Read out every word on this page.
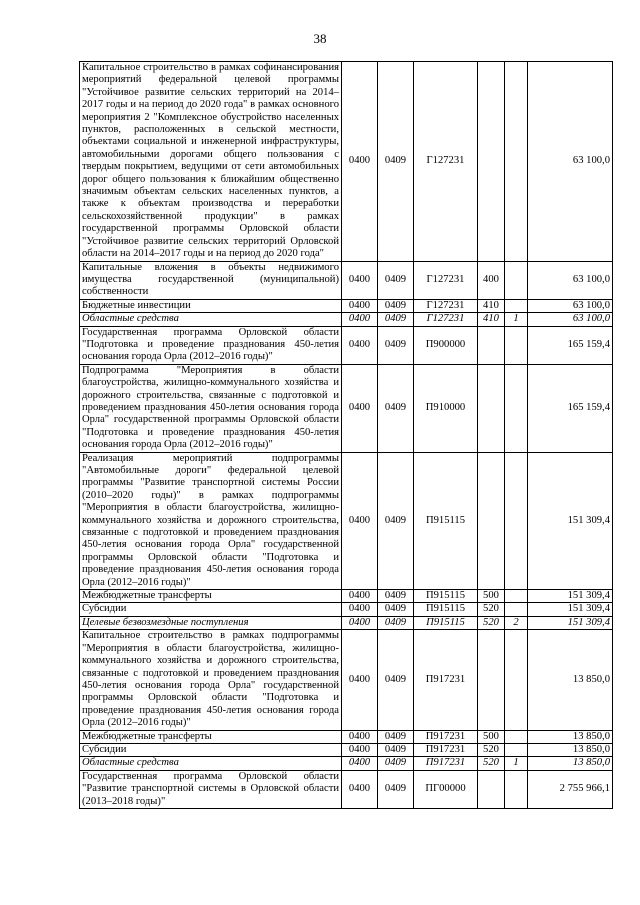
38
Капитальное строительство в рамках софинансирования мероприятий федеральной целевой программы "Устойчивое развитие сельских территорий на 2014–2017 годы и на период до 2020 года" в рамках основного мероприятия 2 "Комплексное обустройство населенных пунктов, расположенных в сельской местности, объектами социальной и инженерной инфраструктуры, автомобильными дорогами общего пользования с твердым покрытием, ведущими от сети автомобильных дорог общего пользования к ближайшим общественно значимым объектам сельских населенных пунктов, а также к объектам производства и переработки сельскохозяйственной продукции" в рамках государственной программы Орловской области "Устойчивое развитие сельских территорий Орловской области на 2014–2017 годы и на период до 2020 года"	0400	0409	Г127231			63 100,0
Капитальные вложения в объекты недвижимого имущества государственной (муниципальной) собственности	0400	0409	Г127231	400		63 100,0
Бюджетные инвестиции	0400	0409	Г127231	410		63 100,0
Областные средства	0400	0409	Г127231	410	1	63 100,0
Государственная программа Орловской области "Подготовка и проведение празднования 450-летия основания города Орла (2012–2016 годы)"	0400	0409	П900000			165 159,4
Подпрограмма "Мероприятия в области благоустройства, жилищно-коммунального хозяйства и дорожного строительства, связанные с подготовкой и проведением празднования 450-летия основания города Орла" государственной программы Орловской области "Подготовка и проведение празднования 450-летия основания города Орла (2012–2016 годы)"	0400	0409	П910000			165 159,4
Реализация мероприятий подпрограммы "Автомобильные дороги" федеральной целевой программы "Развитие транспортной системы России (2010–2020 годы)" в рамках подпрограммы "Мероприятия в области благоустройства, жилищно-коммунального хозяйства и дорожного строительства, связанные с подготовкой и проведением празднования 450-летия основания города Орла" государственной программы Орловской области "Подготовка и проведение празднования 450-летия основания города Орла (2012–2016 годы)"	0400	0409	П915115			151 309,4
Межбюджетные трансферты	0400	0409	П915115	500		151 309,4
Субсидии	0400	0409	П915115	520		151 309,4
Целевые безвозмездные поступления	0400	0409	П915115	520	2	151 309,4
Капитальное строительство в рамках подпрограммы "Мероприятия в области благоустройства, жилищно-коммунального хозяйства и дорожного строительства, связанные с подготовкой и проведением празднования 450-летия основания города Орла" государственной программы Орловской области "Подготовка и проведение празднования 450-летия основания города Орла (2012–2016 годы)"	0400	0409	П917231			13 850,0
Межбюджетные трансферты	0400	0409	П917231	500		13 850,0
Субсидии	0400	0409	П917231	520		13 850,0
Областные средства	0400	0409	П917231	520	1	13 850,0
Государственная программа Орловской области "Развитие транспортной системы в Орловской области (2013–2018 годы)"	0400	0409	ПГ00000			2 755 966,1
